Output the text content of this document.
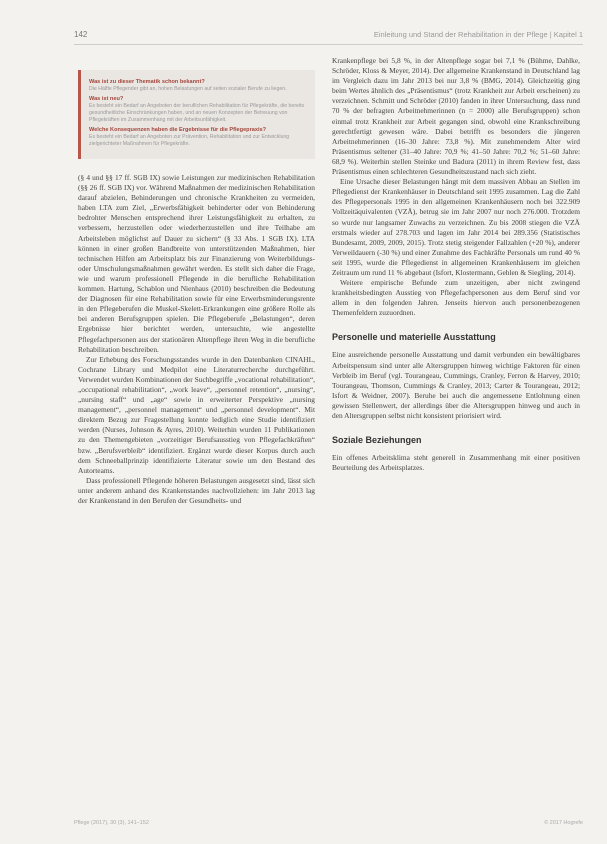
142	Einleitung und Stand der Rehabilitation in der Pflege | Kapitel 1
Was ist zu dieser Thematik schon bekannt?
Die Hälfte Pflegender gibt an, hohen Belastungen auf seiten sozialer Berufe zu liegen.
Was ist neu?
Es besteht ein Bedarf an Angeboten der beruflichen Rehabilitation für Pflegekräfte, die bereits gesundheitliche Einschränkungen haben, und an neuen Konzepten der Betreuung von Pflegekräften im Zusammenhang mit der Arbeitsunfähigkeit.
Welche Konsequenzen haben die Ergebnisse für die Pflegepraxis?
Es besteht ein Bedarf an Angeboten zur Prävention, Rehabilitation und zur Entwicklung zielgerichteter Maßnahmen für Pflegekräfte.

(§ 4 und §§ 17 ff. SGB IX) sowie Leistungen zur medizinischen Rehabilitation (§§ 26 ff. SGB IX) vor. Während Maßnahmen der medizinischen Rehabilitation darauf abzielen, Behinderungen und chronische Krankheiten zu vermeiden, haben LTA zum Ziel, „Erwerbsfähigkeit behinderter oder von Behinderung bedrohter Menschen entsprechend ihrer Leistungsfähigkeit zu erhalten, zu verbessern, herzustellen oder wiederherzustellen und ihre Teilhabe am Arbeitsleben möglichst auf Dauer zu sichern“ (§ 33 Abs. 1 SGB IX). LTA können in einer großen Bandbreite von unterstützenden Maßnahmen, hier technischen Hilfen am Arbeitsplatz bis zur Finanzierung von Weiterbildungs- oder Umschulungsmaßnahmen gewährt werden. Es stellt sich daher die Frage, wie und warum professionell Pflegende in die berufliche Rehabilitation kommen. Hartung, Schablon und Nienhaus (2010) beschreiben die Bedeutung der Diagnosen für eine Rehabilitation sowie für eine Erwerbsminderungsrente in den Pflegeberufen die Muskel-Skelett-Erkrankungen eine größere Rolle als bei anderen Berufsgruppen spielen. Die Pflegeberufe „Belastungen“, deren Ergebnisse hier berichtet werden, untersuchte, wie angestellte Pflegefachpersonen aus der stationären Altenpflege ihren Weg in die berufliche Rehabilitation beschreiben.

Zur Erhebung des Forschungsstandes wurde in den Datenbanken CINAHL, Cochrane Library und Medpilot eine Literaturrecherche durchgeführt. Verwendet wurden Kombinationen der Suchbegriffe „vocational rehabilitation“, „occupational rehabilitation“, „work leave“, „personnel retention“, „nursing“, „nursing staff“ und „age“ sowie in erweiterter Perspektive „nursing management“, „personnel management“ und „personnel development“. Mit direktem Bezug zur Fragestellung konnte lediglich eine Studie identifiziert werden (Nurses, Johnson & Ayres, 2010). Weiterhin wurden 11 Publikationen zu den Themengebieten „vorzeitiger Berufsausstieg von Pflegefachkräften“ bzw. „Berufsverbleib“ identifiziert. Ergänzt wurde dieser Korpus durch auch dem Schneeballprinzip identifizierte Literatur sowie um den Bestand des Autorteams.

Dass professionell Pflegende höheren Belastungen ausgesetzt sind, lässt sich unter anderem anhand des Krankenstandes nachvollziehen: im Jahr 2013 lag der Krankenstand in den Berufen der Gesundheits- und

Krankenpflege bei 5,8 %, in der Altenpflege sogar bei 7,1 % (Bühme, Dahlke, Schröder, Kloss & Meyer, 2014). Der allgemeine Krankenstand in Deutschland lag im Vergleich dazu im Jahr 2013 bei nur 3,8 % (BMG, 2014). Gleichzeitig ging beim Wertes ähnlich des „Präsentismus“ (trotz Krankheit zur Arbeit erscheinen) zu verzeichnen. Schmitt und Schröder (2010) fanden in ihrer Untersuchung, dass rund 70 % der befragten Arbeitnehmerinnen (n = 2000) alle Berufsgruppen) schon einmal trotz Krankheit zur Arbeit gegangen sind, obwohl eine Krankschreibung gerechtfertigt gewesen wäre. Dabei betrifft es besonders die jüngeren Arbeitnehmerinnen (16–30 Jahre: 73,8 %). Mit zunehmendem Alter wird Präsentismus seltener (31–40 Jahre: 70,9 %; 41–50 Jahre: 70,2 %; 51–60 Jahre: 68,9 %). Weiterhin stellen Steinke und Badura (2011) in ihrem Review fest, dass Präsentismus einen schlechteren Gesundheitszustand nach sich zieht.

Eine Ursache dieser Belastungen hängt mit dem massiven Abbau an Stellen im Pflegedienst der Krankenhäuser in Deutschland seit 1995 zusammen. Lag die Zahl des Pflegepersonals 1995 in den allgemeinen Krankenhäusern noch bei 322.909 Vollzeitäquivalenten (VZÄ), betrug sie im Jahr 2007 nur noch 276.000. Trotzdem so wurde nur langsamer Zuwachs zu verzeichnen. Zu bis 2008 stiegen die VZÄ erstmals wieder auf 278.703 und lagen im Jahr 2014 bei 289.356 (Statistisches Bundesamt, 2009, 2009, 2015). Trotz stetig steigender Fallzahlen (+20 %), anderer Verweildauern (-30 %) und einer Zunahme des Fachkräfte Personals um rund 40 % seit 1995, wurde die Pflegedienst in allgemeinen Krankenhäusern im gleichen Zeitraum um rund 11 % abgebaut (Isfort, Klostermann, Gehlen & Siegling, 2014).

Weitere empirische Befunde zum unzeitigen, aber nicht zwingend krankheitsbedingten Ausstieg von Pflegefachpersonen aus dem Beruf sind vor allem in den folgenden Jahren. Jenseits hiervon auch personenbezogenen Themenfeldern zuzuordnen.

Personelle und materielle Ausstattung

Eine ausreichende personelle Ausstattung und damit verbunden ein bewältigbares Arbeitspensum sind unter alle Altersgruppen hinweg wichtige Faktoren für einen Verbleib im Beruf (vgl. Tourangeau, Cummings, Cranley, Ferron & Harvey, 2010; Tourangeau, Thomson, Cummings & Cranley, 2013; Carter & Tourangeau, 2012; Isfort & Weidner, 2007). Beruhe bei auch die angemessene Entlohnung einen gewissen Stellenwert, der allerdings über die Altersgruppen hinweg und auch in den Altersgruppen selbst nicht konsistent priorisiert wird.

Soziale Beziehungen

Ein offenes Arbeitsklima steht generell in Zusammenhang mit einer positiven Beurteilung des Arbeitsplatzes.

Pflege (2017), 30 (3), 141–152	© 2017 Hogrefe
